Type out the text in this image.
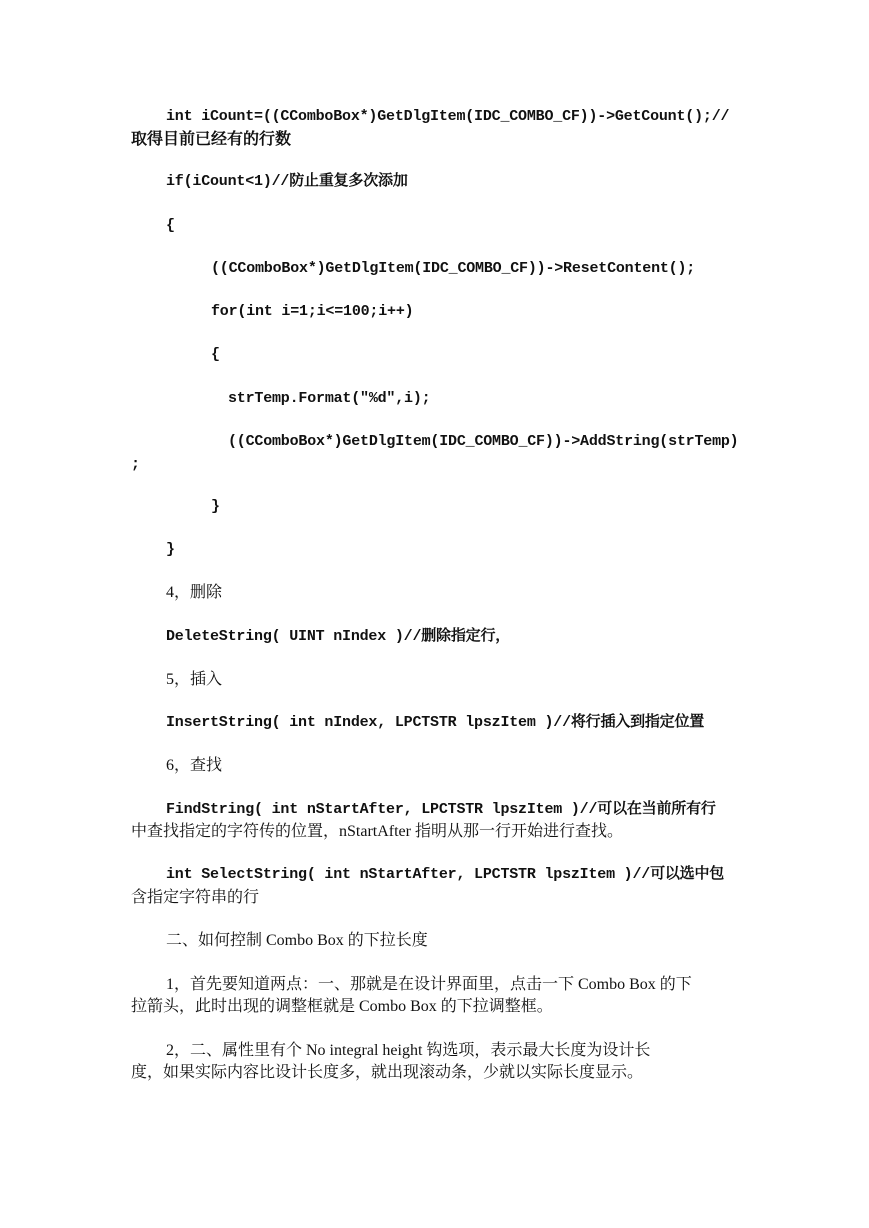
int iCount=((CComboBox*)GetDlgItem(IDC_COMBO_CF))->GetCount();//

取得目前已经有的行数

if(iCount<1)//防止重复多次添加

{

((CComboBox*)GetDlgItem(IDC_COMBO_CF))->ResetContent();

for(int i=1;i<=100;i++)

{

strTemp.Format("%d",i);

((CComboBox*)GetDlgItem(IDC_COMBO_CF))->AddString(strTemp)

;

}

}

4，删除

DeleteString( UINT nIndex )//删除指定行，

5，插入

InsertString( int nIndex, LPCTSTR lpszItem )//将行插入到指定位置

6，查找

FindString( int nStartAfter, LPCTSTR lpszItem )//可以在当前所有行

中查找指定的字符传的位置，nStartAfter 指明从那一行开始进行查找。

int SelectString( int nStartAfter, LPCTSTR lpszItem )//可以选中包

含指定字符串的行

二、如何控制 Combo Box 的下拉长度

1，首先要知道两点：一、那就是在设计界面里，点击一下 Combo Box 的下

拉箭头，此时出现的调整框就是 Combo Box 的下拉调整框。

2，二、属性里有个 No integral height 钩选项，表示最大长度为设计长

度，如果实际内容比设计长度多，就出现滚动条，少就以实际长度显示。
